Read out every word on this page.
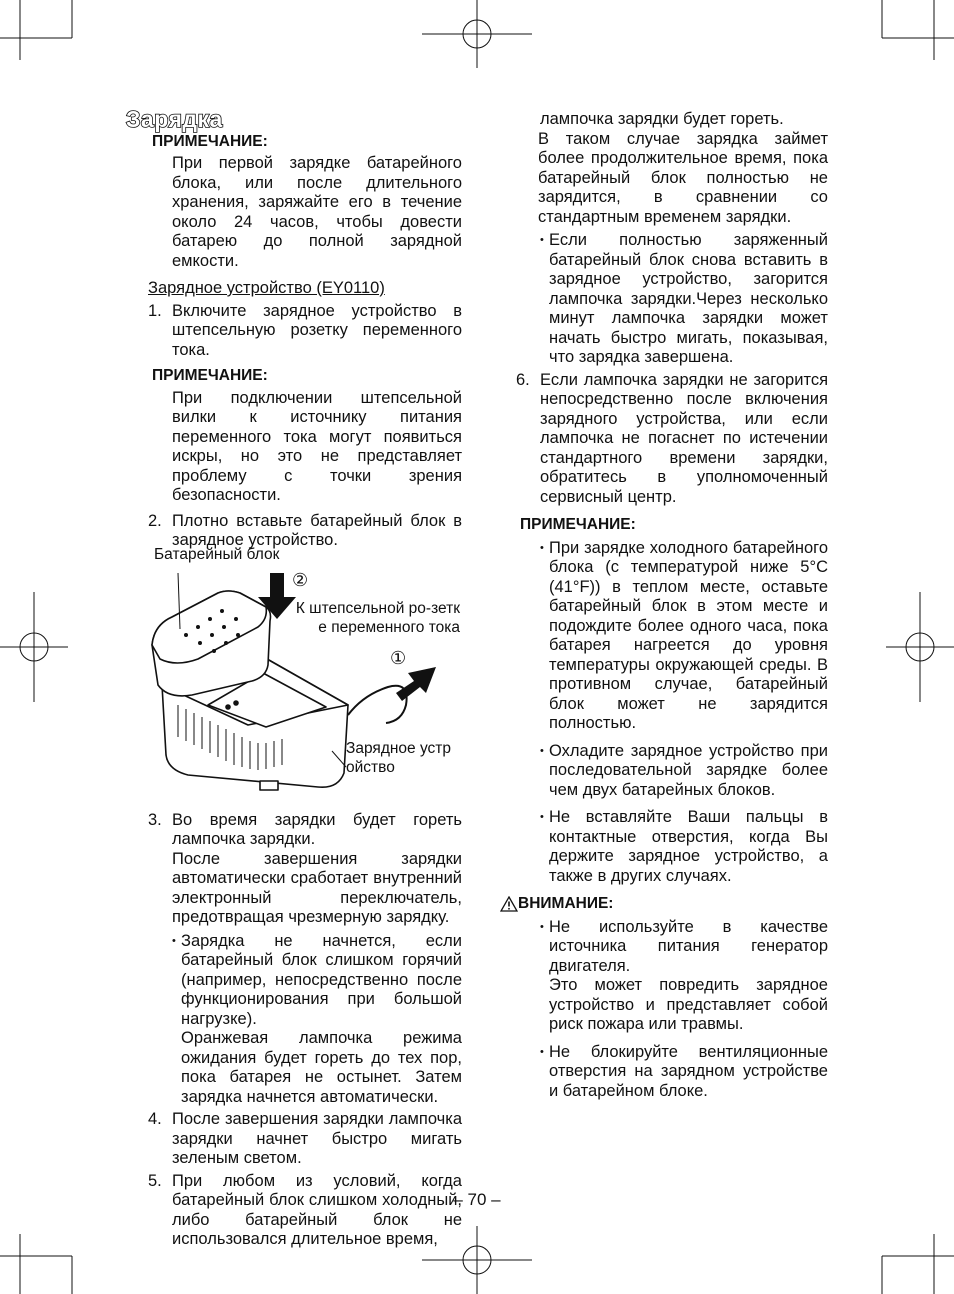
Зарядка
ПРИМЕЧАНИЕ:
При первой зарядке батарейного блока, или после длительного хранения, заряжайте его в течение около 24 часов, чтобы довести батарею до полной зарядной емкости.
Зарядное устройство (EY0110)
1. Включите зарядное устройство в штепсельную розетку переменного тока.
ПРИМЕЧАНИЕ:
При подключении штепсельной вилки к источнику питания переменного тока могут появиться искры, но это не представляет проблему с точки зрения безопасности.
2. Плотно вставьте батарейный блок в зарядное устройство.
Батарейный блок
②
К штепсельной ро-зетк
е переменного тока
①
Зарядное устр
ойство
3. Во время зарядки будет гореть лампочка зарядки.
После завершения зарядки автоматически сработает внутренний электронный переключатель, предотвращая чрезмерную зарядку.
• Зарядка не начнется, если батарейный блок слишком горячий (например, непосредственно после функционирования при большой нагрузке).
Оранжевая лампочка режима ожидания будет гореть до тех пор, пока батарея не остынет. Затем зарядка начнется автоматически.
4. После завершения зарядки лампочка зарядки начнет быстро мигать зеленым светом.
5. При любом из условий, когда батарейный блок слишком холодный, либо батарейный блок не использовался длительное время,
лампочка зарядки будет гореть.
В таком случае зарядка займет более продолжительное время, пока батарейный блок полностью не зарядится, в сравнении со стандартным временем зарядки.
• Если полностью заряженный батарейный блок снова вставить в зарядное устройство, загорится лампочка зарядки.Через несколько минут лампочка зарядки может начать быстро мигать, показывая, что зарядка завершена.
6. Если лампочка зарядки не загорится непосредственно после включения зарядного устройства, или если лампочка не погаснет по истечении стандартного времени зарядки, обратитесь в уполномоченный сервисный центр.
ПРИМЕЧАНИЕ:
• При зарядке холодного батарейного блока (с температурой ниже 5°C (41°F)) в теплом месте, оставьте батарейный блок в этом месте и подождите более одного часа, пока батарея нагреется до уровня температуры окружающей среды. В противном случае, батарейный блок может не зарядится полностью.
• Охладите зарядное устройство при последовательной зарядке более чем двух батарейных блоков.
• Не вставляйте Ваши пальцы в контактные отверстия, когда Вы держите зарядное устройство, а также в других случаях.
ВНИМАНИЕ:
• Не используйте в качестве источника питания генератор двигателя.
Это может повредить зарядное устройство и представляет собой риск пожара или травмы.
• Не блокируйте вентиляционные отверстия на зарядном устройстве и батарейном блоке.
– 70 –
